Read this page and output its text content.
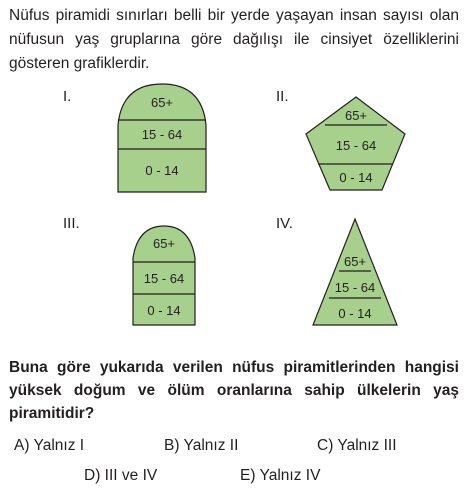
Nüfus piramidi sınırları belli bir yerde yaşayan insan sayısı olan nüfusun yaş gruplarına göre dağılışı ile cinsiyet özelliklerini gösteren grafiklerdir.

I.	II.
III.	IV.
65+
15 - 64
0 - 14
65+
15 - 64
0 - 14
65+
15 - 64
0 - 14
65+
15 - 64
0 - 14

Buna göre yukarıda verilen nüfus piramitlerinden hangisi yüksek doğum ve ölüm oranlarına sahip ülkelerin yaş piramitidir?

A) Yalnız I	B) Yalnız II	C) Yalnız III
D) III ve IV	E) Yalnız IV
